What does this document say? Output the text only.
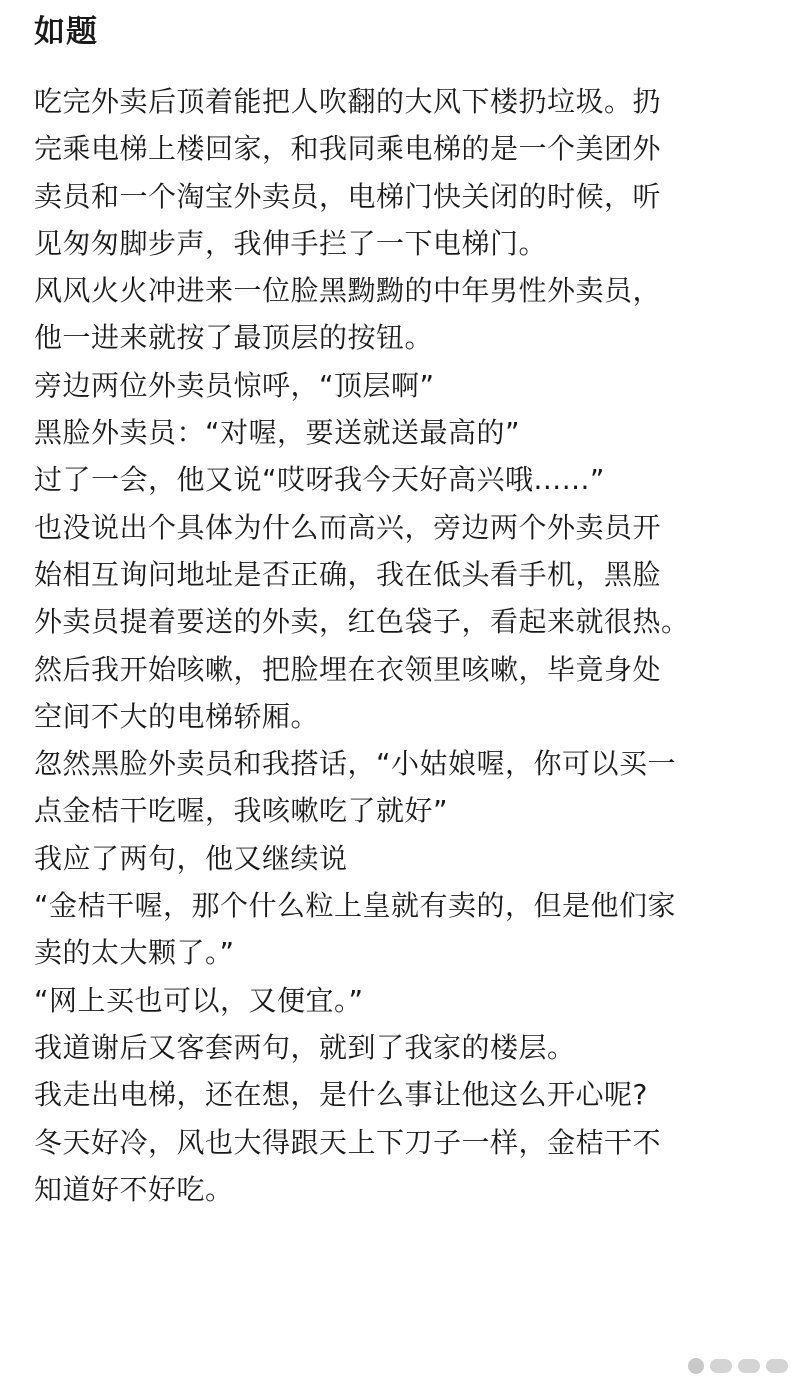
如题
吃完外卖后顶着能把人吹翻的大风下楼扔垃圾。扔
完乘电梯上楼回家，和我同乘电梯的是一个美团外
卖员和一个淘宝外卖员，电梯门快关闭的时候，听
见匆匆脚步声，我伸手拦了一下电梯门。
风风火火冲进来一位脸黑黝黝的中年男性外卖员，
他一进来就按了最顶层的按钮。
旁边两位外卖员惊呼，“顶层啊”
黑脸外卖员：“对喔，要送就送最高的”
过了一会，他又说“哎呀我今天好高兴哦......”
也没说出个具体为什么而高兴，旁边两个外卖员开
始相互询问地址是否正确，我在低头看手机，黑脸
外卖员提着要送的外卖，红色袋子，看起来就很热。
然后我开始咳嗽，把脸埋在衣领里咳嗽，毕竟身处
空间不大的电梯轿厢。
忽然黑脸外卖员和我搭话，“小姑娘喔，你可以买一
点金桔干吃喔，我咳嗽吃了就好”
我应了两句，他又继续说
“金桔干喔，那个什么粒上皇就有卖的，但是他们家
卖的太大颗了。”
“网上买也可以，又便宜。”
我道谢后又客套两句，就到了我家的楼层。
我走出电梯，还在想，是什么事让他这么开心呢?
冬天好冷，风也大得跟天上下刀子一样，金桔干不
知道好不好吃。
